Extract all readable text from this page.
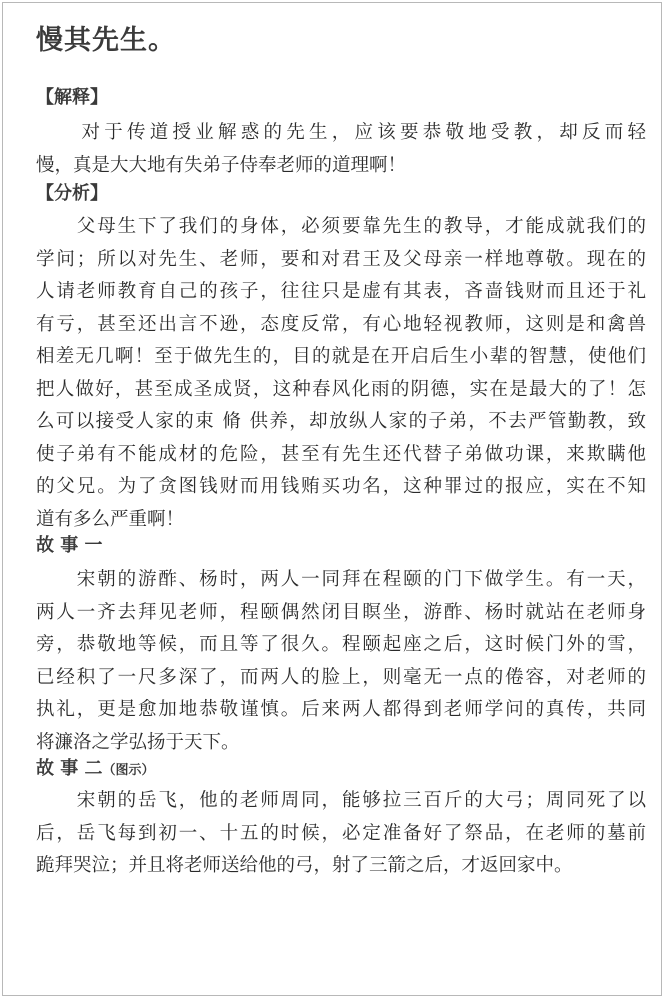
慢其先生。
【解释】
　　对于传道授业解惑的先生，应该要恭敬地受教，却反而轻
慢，真是大大地有失弟子侍奉老师的道理啊！
【分析】
　　父母生下了我们的身体，必须要靠先生的教导，才能成就我们的
学问；所以对先生、老师，要和对君王及父母亲一样地尊敬。现在的
人请老师教育自己的孩子，往往只是虚有其表，吝啬钱财而且还于礼
有亏，甚至还出言不逊，态度反常，有心地轻视教师，这则是和禽兽
相差无几啊！至于做先生的，目的就是在开启后生小辈的智慧，使他们
把人做好，甚至成圣成贤，这种春风化雨的阴德，实在是最大的了！怎
么可以接受人家的束 脩 供养，却放纵人家的子弟，不去严管勤教，致
使子弟有不能成材的危险，甚至有先生还代替子弟做功课，来欺瞒他
的父兄。为了贪图钱财而用钱贿买功名，这种罪过的报应，实在不知
道有多么严重啊！
故 事 一
　　宋朝的游酢、杨时，两人一同拜在程颐的门下做学生。有一天，
两人一齐去拜见老师，程颐偶然闭目瞑坐，游酢、杨时就站在老师身
旁，恭敬地等候，而且等了很久。程颐起座之后，这时候门外的雪，
已经积了一尺多深了，而两人的脸上，则毫无一点的倦容，对老师的
执礼，更是愈加地恭敬谨慎。后来两人都得到老师学问的真传，共同
将濂洛之学弘扬于天下。
故 事 二（图示）
　　宋朝的岳飞，他的老师周同，能够拉三百斤的大弓；周同死了以
后，岳飞每到初一、十五的时候，必定准备好了祭品，在老师的墓前
跪拜哭泣；并且将老师送给他的弓，射了三箭之后，才返回家中。
